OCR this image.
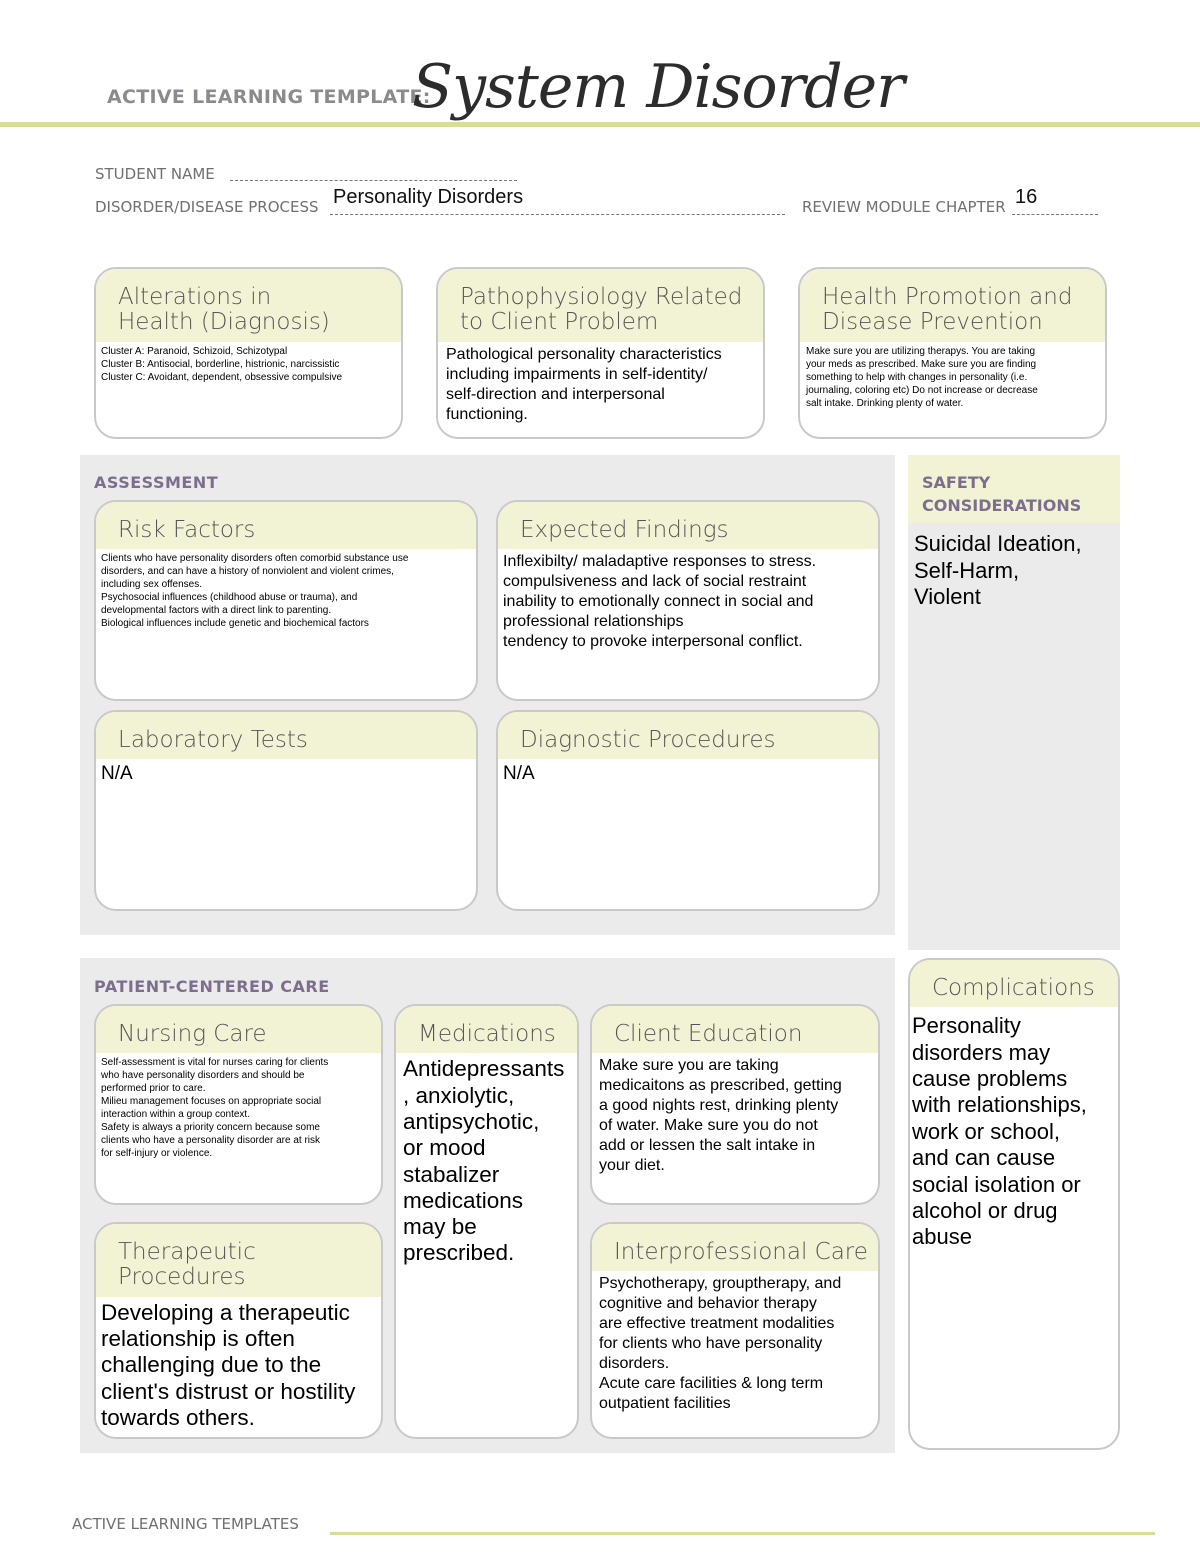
ACTIVE LEARNING TEMPLATE:
System Disorder
STUDENT NAME
DISORDER/DISEASE PROCESS Personality Disorders	REVIEW MODULE CHAPTER 16
Alterations in
Health (Diagnosis)
Cluster A: Paranoid, Schizoid, Schizotypal
Cluster B: Antisocial, borderline, histrionic, narcissistic
Cluster C: Avoidant, dependent, obsessive compulsive
Pathophysiology Related
to Client Problem
Pathological personality characteristics
including impairments in self-identity/
self-direction and interpersonal
functioning.
Health Promotion and
Disease Prevention
Make sure you are utilizing therapys. You are taking
your meds as prescribed. Make sure you are finding
something to help with changes in personality (i.e.
journaling, coloring etc) Do not increase or decrease
salt intake. Drinking plenty of water.
ASSESSMENT
Risk Factors
Clients who have personality disorders often comorbid substance use
disorders, and can have a history of nonviolent and violent crimes,
including sex offenses.
Psychosocial influences (childhood abuse or trauma), and
developmental factors with a direct link to parenting.
Biological influences include genetic and biochemical factors
Expected Findings
Inflexibilty/ maladaptive responses to stress.
compulsiveness and lack of social restraint
inability to emotionally connect in social and
professional relationships
tendency to provoke interpersonal conflict.
Laboratory Tests
N/A
Diagnostic Procedures
N/A
SAFETY
CONSIDERATIONS
Suicidal Ideation,
Self-Harm,
Violent
PATIENT-CENTERED CARE
Nursing Care
Self-assessment is vital for nurses caring for clients
who have personality disorders and should be
performed prior to care.
Milieu management focuses on appropriate social
interaction within a group context.
Safety is always a priority concern because some
clients who have a personality disorder are at risk
for self-injury or violence.
Medications
Antidepressants
, anxiolytic,
antipsychotic,
or mood
stabalizer
medications
may be
prescribed.
Client Education
Make sure you are taking
medicaitons as prescribed, getting
a good nights rest, drinking plenty
of water. Make sure you do not
add or lessen the salt intake in
your diet.
Therapeutic Procedures
Developing a therapeutic
relationship is often
challenging due to the
client's distrust or hostility
towards others.
Interprofessional Care
Psychotherapy, grouptherapy, and
cognitive and behavior therapy
are effective treatment modalities
for clients who have personality
disorders.
Acute care facilities & long term
outpatient facilities
Complications
Personality
disorders may
cause problems
with relationships,
work or school,
and can cause
social isolation or
alcohol or drug
abuse
ACTIVE LEARNING TEMPLATES
